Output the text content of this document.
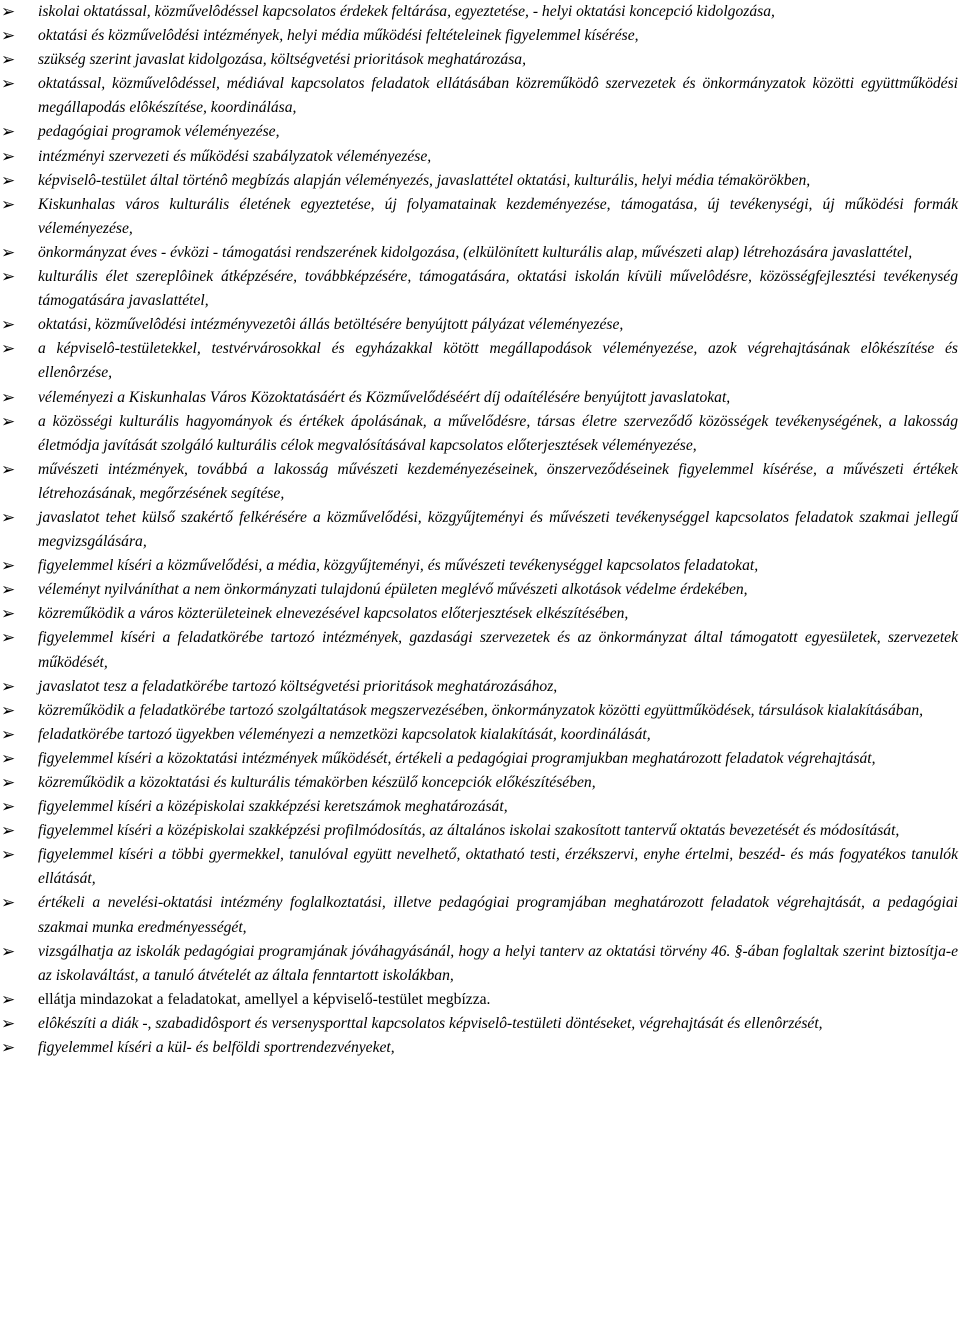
➢ iskolai oktatással, közművelôdéssel kapcsolatos érdekek feltárása, egyeztetése, - helyi oktatási koncepció kidolgozása,
➢ oktatási és közművelôdési intézmények, helyi média működési feltételeinek figyelemmel kísérése,
➢ szükség szerint javaslat kidolgozása, költségvetési prioritások meghatározása,
➢ oktatással, közművelôdéssel, médiával kapcsolatos feladatok ellátásában közreműködô szervezetek és önkormányzatok közötti együttműködési megállapodás elôkészítése, koordinálása,
➢ pedagógiai programok véleményezése,
➢ intézményi szervezeti és működési szabályzatok véleményezése,
➢ képviselô-testület által történô megbízás alapján véleményezés, javaslattétel oktatási, kulturális, helyi média témakörökben,
➢ Kiskunhalas város kulturális életének egyeztetése, új folyamatainak kezdeményezése, támogatása, új tevékenységi, új működési formák véleményezése,
➢ önkormányzat éves - évközi - támogatási rendszerének kidolgozása, (elkülönített kulturális alap, művészeti alap) létrehozására javaslattétel,
➢ kulturális élet szereplôinek átképzésére, továbbképzésére, támogatására, oktatási iskolán kívüli művelôdésre, közösségfejlesztési tevékenység támogatására javaslattétel,
➢ oktatási, közművelôdési intézményvezetôi állás betöltésére benyújtott pályázat véleményezése,
➢ a képviselô-testületekkel, testvérvárosokkal és egyházakkal kötött megállapodások véleményezése, azok végrehajtásának elôkészítése és ellenôrzése,
➢ véleményezi a Kiskunhalas Város Közoktatásáért és Közművelődéséért díj odaítélésére benyújtott javaslatokat,
➢ a közösségi kulturális hagyományok és értékek ápolásának, a művelődésre, társas életre szerveződő közösségek tevékenységének, a lakosság életmódja javítását szolgáló kulturális célok megvalósításával kapcsolatos előterjesztések véleményezése,
➢ művészeti intézmények, továbbá a lakosság művészeti kezdeményezéseinek, önszerveződéseinek figyelemmel kísérése, a művészeti értékek létrehozásának, megőrzésének segítése,
➢ javaslatot tehet külső szakértő felkérésére a közművelődési, közgyűjteményi és művészeti tevékenységgel kapcsolatos feladatok szakmai jellegű megvizsgálására,
➢ figyelemmel kíséri a közművelődési, a média, közgyűjteményi, és művészeti tevékenységgel kapcsolatos feladatokat,
➢ véleményt nyilváníthat a nem önkormányzati tulajdonú épületen meglévő művészeti alkotások védelme érdekében,
➢ közreműködik a város közterületeinek elnevezésével kapcsolatos előterjesztések elkészítésében,
➢ figyelemmel kíséri a feladatkörébe tartozó intézmények, gazdasági szervezetek és az önkormányzat által támogatott egyesületek, szervezetek működését,
➢ javaslatot tesz a feladatkörébe tartozó költségvetési prioritások meghatározásához,
➢ közreműködik a feladatkörébe tartozó szolgáltatások megszervezésében, önkormányzatok közötti együttműködések, társulások kialakításában,
➢ feladatkörébe tartozó ügyekben véleményezi a nemzetközi kapcsolatok kialakítását, koordinálását,
➢ figyelemmel kíséri a közoktatási intézmények működését, értékeli a pedagógiai programjukban meghatározott feladatok végrehajtását,
➢ közreműködik a közoktatási és kulturális témakörben készülő koncepciók előkészítésében,
➢ figyelemmel kíséri a középiskolai szakképzési keretszámok meghatározását,
➢ figyelemmel kíséri a középiskolai szakképzési profilmódosítás, az általános iskolai szakosított tantervű oktatás bevezetését és módosítását,
➢ figyelemmel kíséri a többi gyermekkel, tanulóval együtt nevelhető, oktatható testi, érzékszervi, enyhe értelmi, beszéd- és más fogyatékos tanulók ellátását,
➢ értékeli a nevelési-oktatási intézmény foglalkoztatási, illetve pedagógiai programjában meghatározott feladatok végrehajtását, a pedagógiai szakmai munka eredményességét,
➢ vizsgálhatja az iskolák pedagógiai programjának jóváhagyásánál, hogy a helyi tanterv az oktatási törvény 46. §-ában foglaltak szerint biztosítja-e az iskolaváltást, a tanuló átvételét az általa fenntartott iskolákban,
➢ ellátja mindazokat a feladatokat, amellyel a képviselő-testület megbízza.
➢ elôkészíti a diák -, szabadidôsport és versenysporttal kapcsolatos képviselô-testületi döntéseket, végrehajtását és ellenôrzését,
➢ figyelemmel kíséri a kül- és belföldi sportrendezvényeket,
